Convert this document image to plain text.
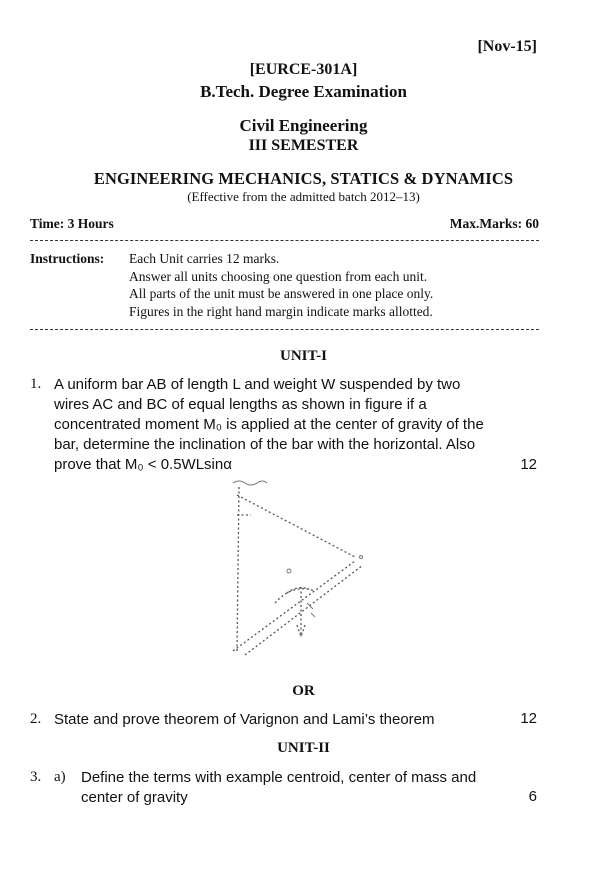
[Nov-15]
[EURCE-301A]
B.Tech. Degree Examination
Civil Engineering
III SEMESTER
ENGINEERING MECHANICS, STATICS & DYNAMICS
(Effective from the admitted batch 2012–13)
Time: 3 Hours	Max.Marks: 60
Instructions: Each Unit carries 12 marks.
Answer all units choosing one question from each unit.
All parts of the unit must be answered in one place only.
Figures in the right hand margin indicate marks allotted.
UNIT-I
1. A uniform bar AB of length L and weight W suspended by two
wires AC and BC of equal lengths as shown in figure if a
concentrated moment M₀ is applied at the center of gravity of the
bar, determine the inclination of the bar with the horizontal. Also
prove that M₀ < 0.5WLsinα	12
OR
2. State and prove theorem of Varignon and Lami’s theorem	12
UNIT-II
3. a) Define the terms with example centroid, center of mass and
center of gravity	6
